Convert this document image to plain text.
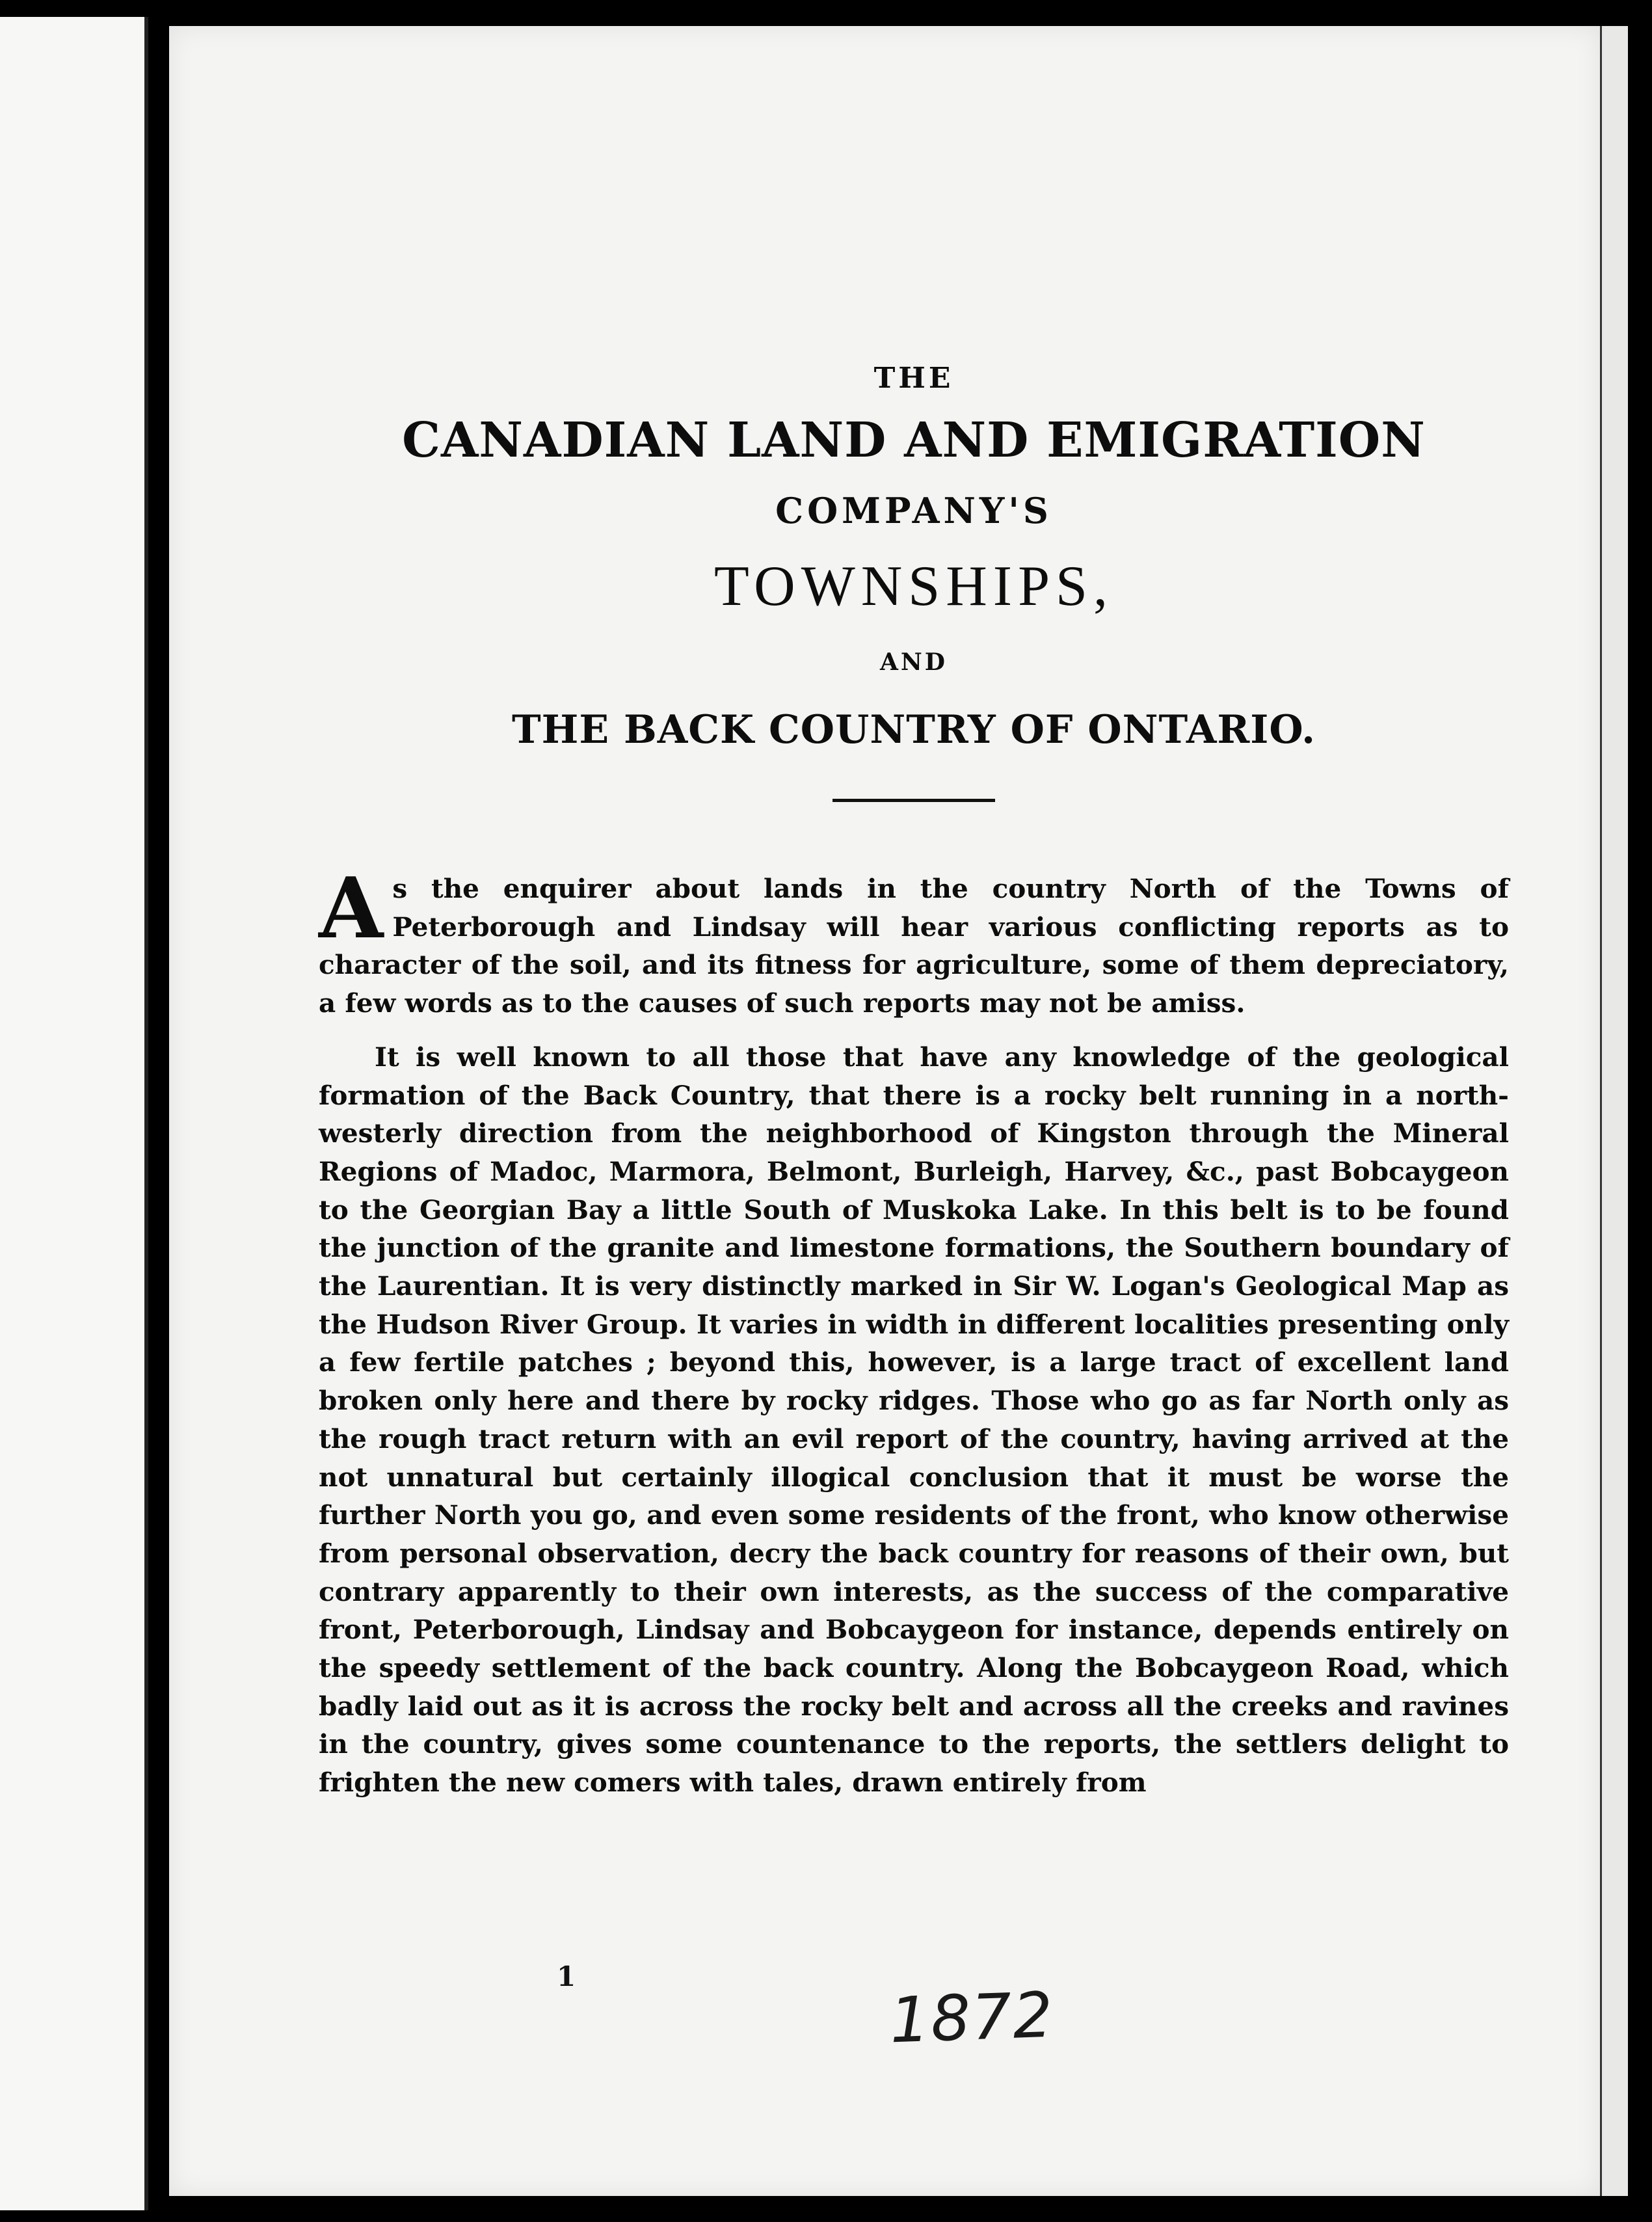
THE

CANADIAN LAND AND EMIGRATION

COMPANY'S

TOWNSHIPS,

AND

THE BACK COUNTRY OF ONTARIO.

As the enquirer about lands in the country North of the Towns of Peterborough and Lindsay will hear various conflicting reports as to character of the soil, and its fitness for agriculture, some of them depreciatory, a few words as to the causes of such reports may not be amiss.

It is well known to all those that have any knowledge of the geological formation of the Back Country, that there is a rocky belt running in a north-westerly direction from the neighborhood of Kingston through the Mineral Regions of Madoc, Marmora, Belmont, Burleigh, Harvey, &c., past Bobcaygeon to the Georgian Bay a little South of Muskoka Lake. In this belt is to be found the junction of the granite and limestone formations, the Southern boundary of the Laurentian. It is very distinctly marked in Sir W. Logan's Geological Map as the Hudson River Group. It varies in width in different localities presenting only a few fertile patches ; beyond this, however, is a large tract of excellent land broken only here and there by rocky ridges. Those who go as far North only as the rough tract return with an evil report of the country, having arrived at the not unnatural but certainly illogical conclusion that it must be worse the further North you go, and even some residents of the front, who know otherwise from personal observation, decry the back country for reasons of their own, but contrary apparently to their own interests, as the success of the comparative front, Peterborough, Lindsay and Bobcaygeon for instance, depends entirely on the speedy settlement of the back country. Along the Bobcaygeon Road, which badly laid out as it is across the rocky belt and across all the creeks and ravines in the country, gives some countenance to the reports, the settlers delight to frighten the new comers with tales, drawn entirely from

1
1872
